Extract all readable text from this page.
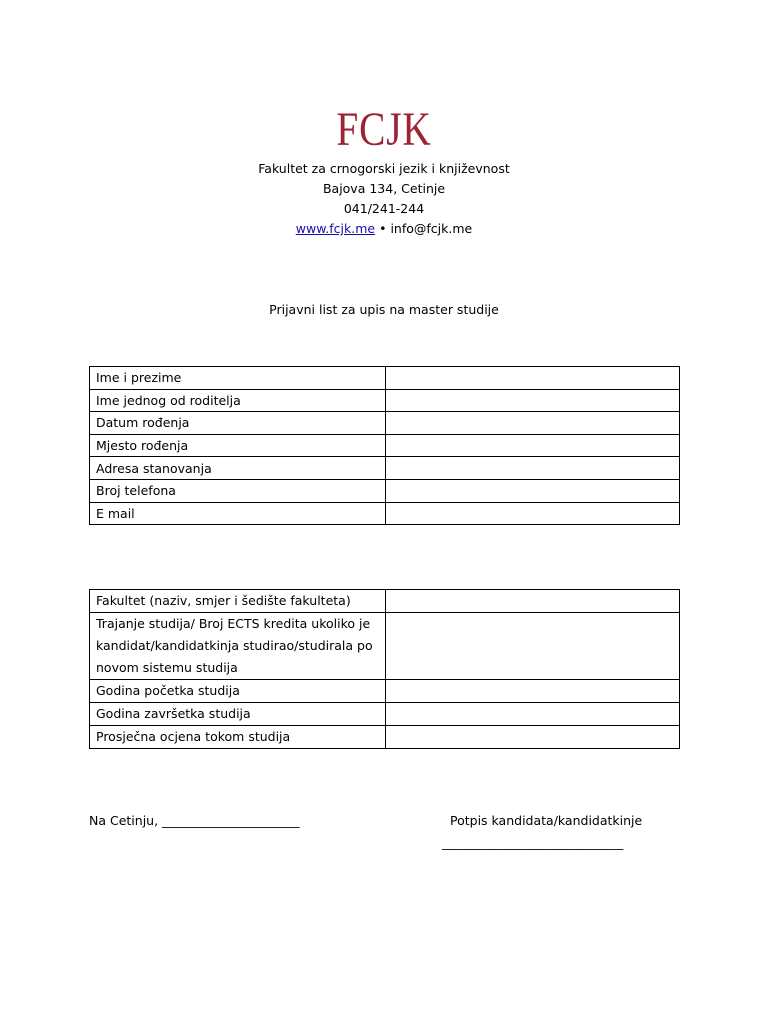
FCJK
Fakultet za crnogorski jezik i književnost
Bajova 134, Cetinje
041/241-244
www.fcjk.me • info@fcjk.me
Prijavni list za upis na master studije
Ime i prezime	
Ime jednog od roditelja	
Datum rođenja	
Mjesto rođenja	
Adresa stanovanja	
Broj telefona	
E mail	
Fakultet (naziv, smjer i šedište fakulteta)	
Trajanje studija/ Broj ECTS kredita ukoliko je kandidat/kandidatkinja studirao/studirala po novom sistemu studija	
Godina početka studija	
Godina završetka studija	
Prosječna ocjena tokom studija	
Na Cetinju, ______________________	Potpis kandidata/kandidatkinje
_____________________________
